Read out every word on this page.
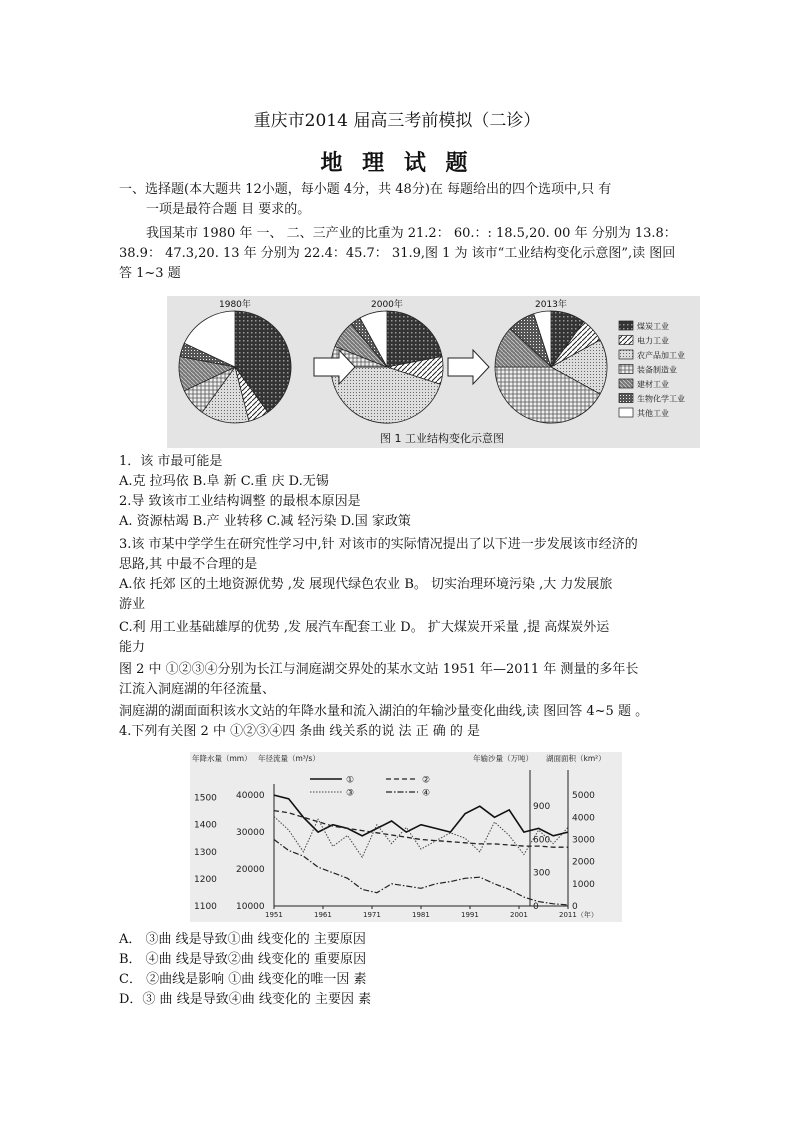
重庆市2014 届高三考前模拟（二诊）
地 理 试 题
一、选择题(本大题共 12小题，每小题 4分，共 48分)在 每题给出的四个选项中,只 有
一项是最符合题 目 要求的。
我国某市 1980 年 一、 二、三产业的比重为 21.2： 60.：: 18.5,20. 00 年 分别为 13.8：
38.9： 47.3,20. 13 年 分别为 22.4：45.7： 31.9,图 1 为 该市“工业结构变化示意图”,读 图回
答 1~3 题
1980年	2000年	2013年
煤炭工业
电力工业
农产品加工业
装备制造业
建材工业
生物化学工业
其他工业
图 1 工业结构变化示意图
1．该 市最可能是
A.克 拉玛依 B.阜 新 C.重 庆 D.无锡
2.导 致该市工业结构调整 的最根本原因是
A. 资源枯竭 B.产 业转移 C.减 轻污染 D.国 家政策
3.该 市某中学学生在研究性学习中,针 对该市的实际情况提出了以下进一步发展该市经济的
思路,其 中最不合理的是
A.依 托郊 区的土地资源优势 ,发 展现代绿色农业 B。 切实治理环境污染 ,大 力发展旅
游业
C.利 用工业基础雄厚的优势 ,发 展汽车配套工业 D。 扩大煤炭开采量 ,提 高煤炭外运
能力
图 2 中 ①②③④分别为长江与洞庭湖交界处的某水文站 1951 年—2011 年 测量的多年长
江流入洞庭湖的年径流量、
洞庭湖的湖面面积该水文站的年降水量和流入湖泊的年输沙量变化曲线,读 图回答 4~5 题 。
4.下列有关图 2 中 ①②③④四 条曲 线关系的说 法 正 确 的 是
年降水量（mm） 年径流量（m³/s）	年输沙量（万吨） 湖面面积（km²）
1951	1961	1971	1981	1991	2001	2011（年）
1500
1400
1300
1200
1100
40000
30000
20000
10000
900
600
300
0
5000
4000
3000
2000
1000
0
①	②
③	④
A． ③曲 线是导致①曲 线变化的 主要原因
B． ④曲 线是导致②曲 线变化的 重要原因
C． ②曲线是影响 ①曲 线变化的唯一因 素
D．③ 曲 线是导致④曲 线变化的 主要因 素
